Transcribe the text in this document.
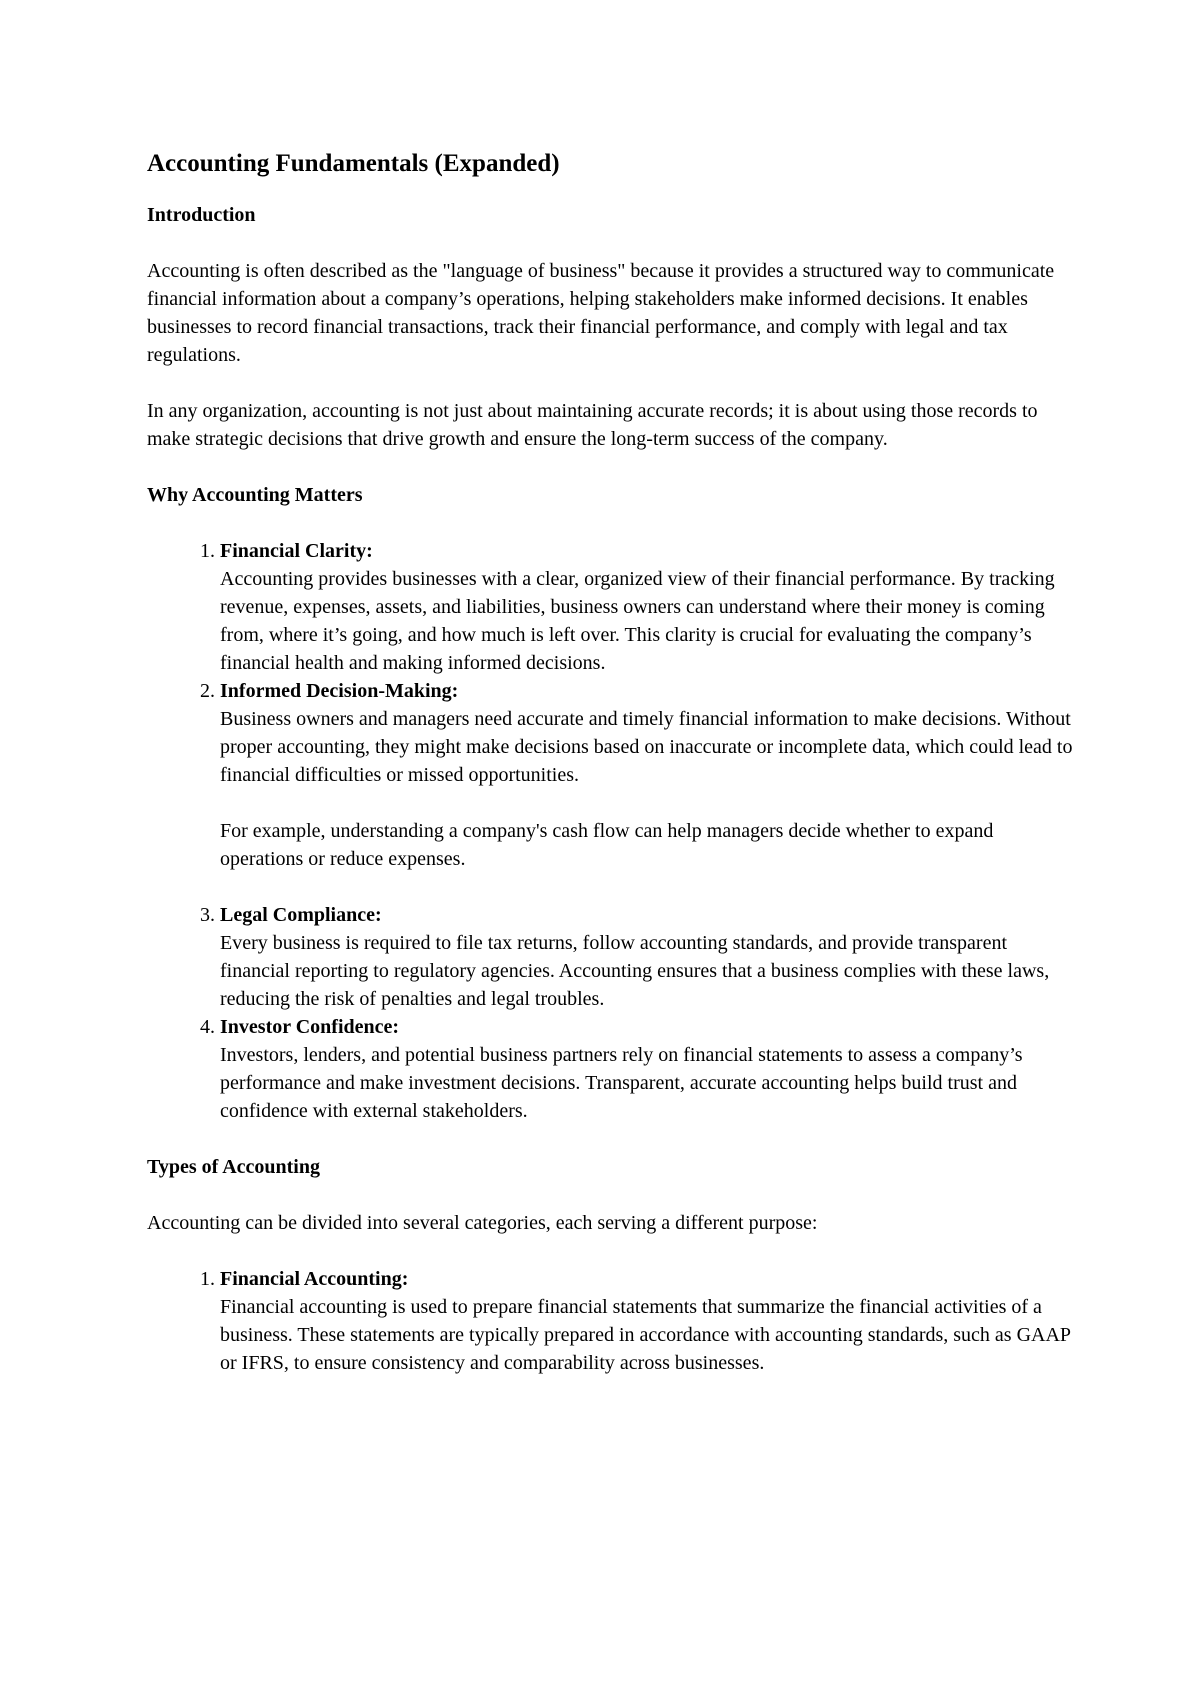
Accounting Fundamentals (Expanded)
Introduction

Accounting is often described as the "language of business" because it provides a structured way to communicate financial information about a company’s operations, helping stakeholders make informed decisions. It enables businesses to record financial transactions, track their financial performance, and comply with legal and tax regulations.

In any organization, accounting is not just about maintaining accurate records; it is about using those records to make strategic decisions that drive growth and ensure the long-term success of the company.

Why Accounting Matters
1. Financial Clarity:
Accounting provides businesses with a clear, organized view of their financial performance. By tracking revenue, expenses, assets, and liabilities, business owners can understand where their money is coming from, where it’s going, and how much is left over. This clarity is crucial for evaluating the company’s financial health and making informed decisions.
2. Informed Decision-Making:
Business owners and managers need accurate and timely financial information to make decisions. Without proper accounting, they might make decisions based on inaccurate or incomplete data, which could lead to financial difficulties or missed opportunities.
For example, understanding a company's cash flow can help managers decide whether to expand operations or reduce expenses.
3. Legal Compliance:
Every business is required to file tax returns, follow accounting standards, and provide transparent financial reporting to regulatory agencies. Accounting ensures that a business complies with these laws, reducing the risk of penalties and legal troubles.
4. Investor Confidence:
Investors, lenders, and potential business partners rely on financial statements to assess a company’s performance and make investment decisions. Transparent, accurate accounting helps build trust and confidence with external stakeholders.
Types of Accounting

Accounting can be divided into several categories, each serving a different purpose:

1. Financial Accounting:
Financial accounting is used to prepare financial statements that summarize the financial activities of a business. These statements are typically prepared in accordance with accounting standards, such as GAAP or IFRS, to ensure consistency and comparability across businesses.
